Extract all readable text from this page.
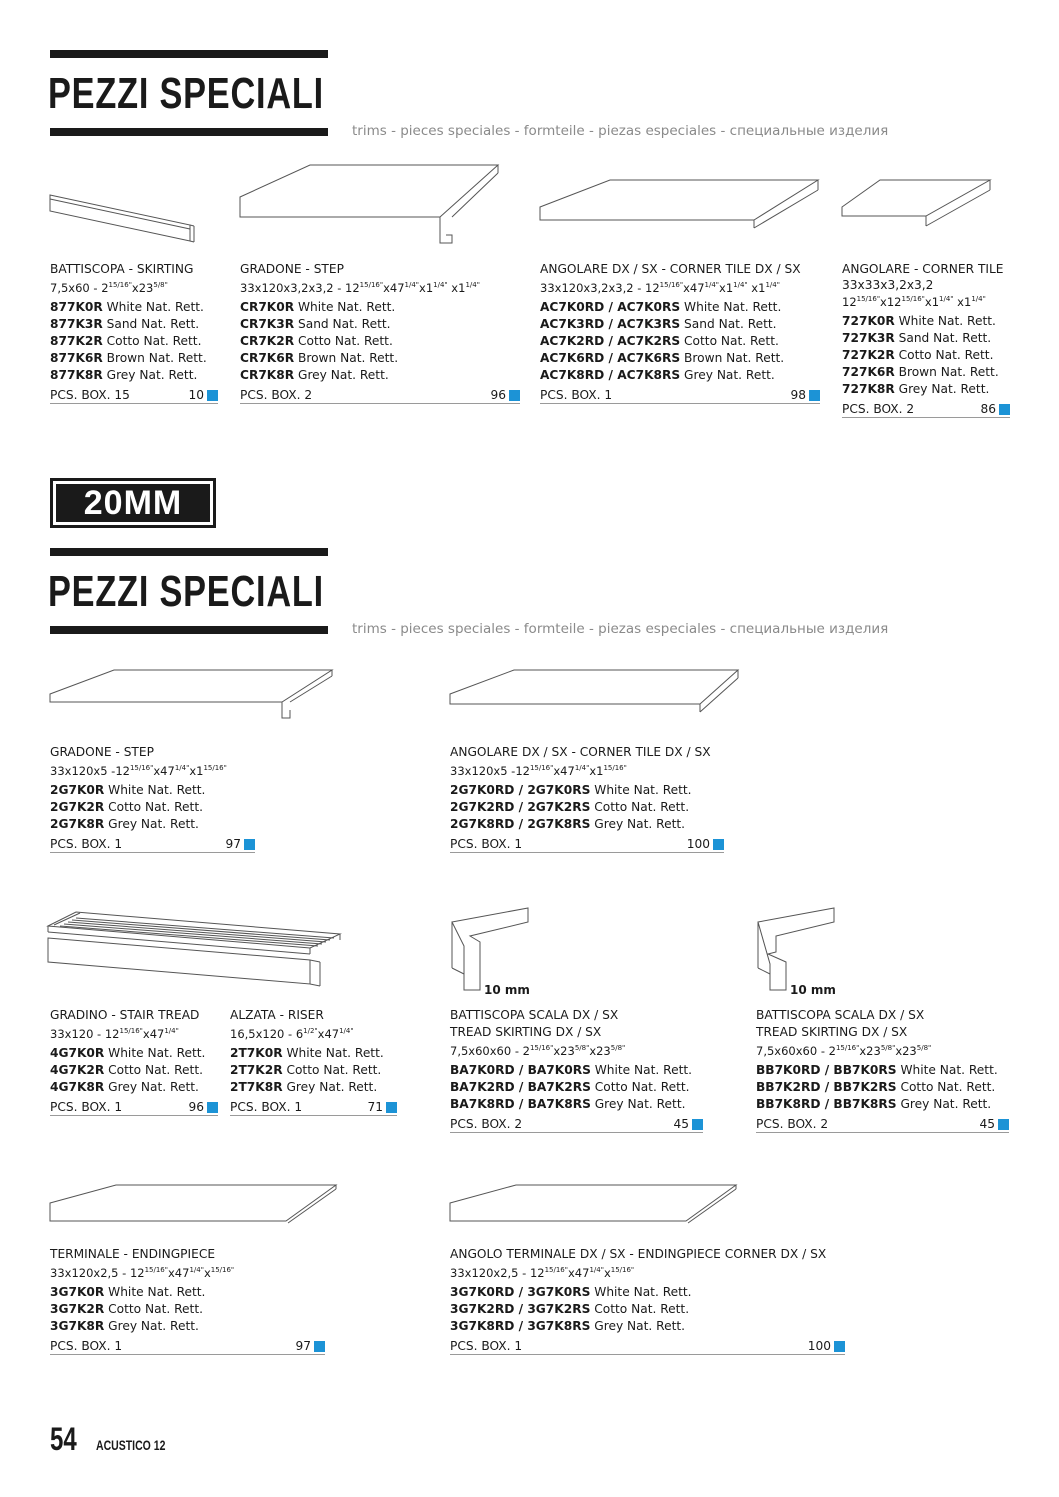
PEZZI SPECIALI
trims - pieces speciales - formteile - piezas especiales - специальные изделия
BATTISCOPA - SKIRTING
$7,5x60 - 2^{15/16"}x23^{5/8"}$
877K0R White Nat. Rett.
877K3R Sand Nat. Rett.
877K2R Cotto Nat. Rett.
877K6R Brown Nat. Rett.
877K8R Grey Nat. Rett.
PCS. BOX. 15	10
GRADONE - STEP
$33x120x3,2x3,2 - 12^{15/16"}x47^{1/4"}x1^{1/4"}$ $x1^{1/4"}$
CR7K0R White Nat. Rett.
CR7K3R Sand Nat. Rett.
CR7K2R Cotto Nat. Rett.
CR7K6R Brown Nat. Rett.
CR7K8R Grey Nat. Rett.
PCS. BOX. 2	96
ANGOLARE DX / SX - CORNER TILE DX / SX
$33x120x3,2x3,2 - 12^{15/16"}x47^{1/4"}x1^{1/4"}$ $x1^{1/4"}$
AC7K0RD / AC7K0RS White Nat. Rett.
AC7K3RD / AC7K3RS Sand Nat. Rett.
AC7K2RD / AC7K2RS Cotto Nat. Rett.
AC7K6RD / AC7K6RS Brown Nat. Rett.
AC7K8RD / AC7K8RS Grey Nat. Rett.
PCS. BOX. 1	98
ANGOLARE - CORNER TILE
33x33x3,2x3,2
$12^{15/16"}x12^{15/16"}x1^{1/4"}$ $x1^{1/4"}$
727K0R White Nat. Rett.
727K3R Sand Nat. Rett.
727K2R Cotto Nat. Rett.
727K6R Brown Nat. Rett.
727K8R Grey Nat. Rett.
PCS. BOX. 2	86
20MM
PEZZI SPECIALI
trims - pieces speciales - formteile - piezas especiales - специальные изделия
GRADONE - STEP
33x120x5 $-12^{15/16"}x47^{1/4"}x1^{15/16"}$
2G7K0R White Nat. Rett.
2G7K2R Cotto Nat. Rett.
2G7K8R Grey Nat. Rett.
PCS. BOX. 1	97
ANGOLARE DX / SX - CORNER TILE DX / SX
33x120x5 $-12^{15/16"}x47^{1/4"}x1^{15/16"}$
2G7K0RD / 2G7K0RS White Nat. Rett.
2G7K2RD / 2G7K2RS Cotto Nat. Rett.
2G7K8RD / 2G7K8RS Grey Nat. Rett.
PCS. BOX. 1	100
10 mm	10 mm
GRADINO - STAIR TREAD
$33x120 - 12^{15/16"}x47^{1/4"}$
4G7K0R White Nat. Rett.
4G7K2R Cotto Nat. Rett.
4G7K8R Grey Nat. Rett.
PCS. BOX. 1	96
ALZATA - RISER
$16,5x120 - 6^{1/2"}x47^{1/4"}$
2T7K0R White Nat. Rett.
2T7K2R Cotto Nat. Rett.
2T7K8R Grey Nat. Rett.
PCS. BOX. 1	71
BATTISCOPA SCALA DX / SX
TREAD SKIRTING DX / SX
$7,5x60x60 - 2^{15/16"}x23^{5/8"}x23^{5/8"}$
BA7K0RD / BA7K0RS White Nat. Rett.
BA7K2RD / BA7K2RS Cotto Nat. Rett.
BA7K8RD / BA7K8RS Grey Nat. Rett.
PCS. BOX. 2	45
BATTISCOPA SCALA DX / SX
TREAD SKIRTING DX / SX
$7,5x60x60 - 2^{15/16"}x23^{5/8"}x23^{5/8"}$
BB7K0RD / BB7K0RS White Nat. Rett.
BB7K2RD / BB7K2RS Cotto Nat. Rett.
BB7K8RD / BB7K8RS Grey Nat. Rett.
PCS. BOX. 2	45
TERMINALE - ENDINGPIECE
$33x120x2,5 - 12^{15/16"}x47^{1/4"}x^{15/16"}$
3G7K0R White Nat. Rett.
3G7K2R Cotto Nat. Rett.
3G7K8R Grey Nat. Rett.
PCS. BOX. 1	97
ANGOLO TERMINALE DX / SX - ENDINGPIECE CORNER DX / SX
$33x120x2,5 - 12^{15/16"}x47^{1/4"}x^{15/16"}$
3G7K0RD / 3G7K0RS White Nat. Rett.
3G7K2RD / 3G7K2RS Cotto Nat. Rett.
3G7K8RD / 3G7K8RS Grey Nat. Rett.
PCS. BOX. 1	100
54 ACUSTICO 12
